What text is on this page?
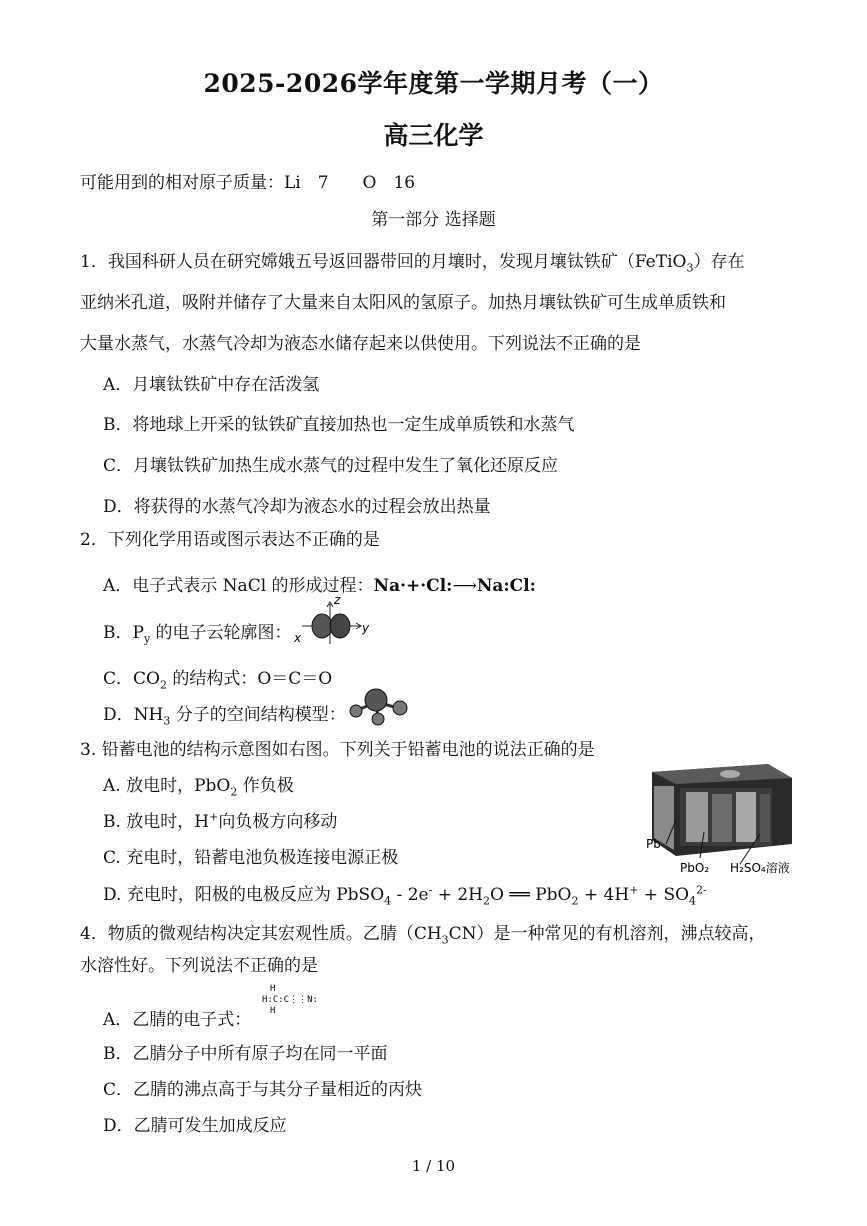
2025-2026学年度第一学期月考（一）
高三化学
可能用到的相对原子质量：Li　7　　O　16
第一部分 选择题
1．我国科研人员在研究嫦娥五号返回器带回的月壤时，发现月壤钛铁矿（FeTiO$_3$）存在
亚纳米孔道，吸附并储存了大量来自太阳风的氢原子。加热月壤钛铁矿可生成单质铁和
大量水蒸气，水蒸气冷却为液态水储存起来以供使用。下列说法不正确的是
A．月壤钛铁矿中存在活泼氢
B．将地球上开采的钛铁矿直接加热也一定生成单质铁和水蒸气
C．月壤钛铁矿加热生成水蒸气的过程中发生了氧化还原反应
D．将获得的水蒸气冷却为液态水的过程会放出热量
2．下列化学用语或图示表达不正确的是
A．电子式表示 NaCl 的形成过程：Na·+·Cl:⟶Na:Cl:
B．$P_y$ 的电子云轮廓图：
z
x
y
C．$CO_2$ 的结构式：O＝C＝O
D．$NH_3$ 分子的空间结构模型：
3. 铅蓄电池的结构示意图如右图。下列关于铅蓄电池的说法正确的是
A. 放电时，PbO$_2$ 作负极
B. 放电时，H+向负极方向移动
C. 充电时，铅蓄电池负极连接电源正极
D. 充电时，阳极的电极反应为 PbSO$_4$ - $2e^- + 2H_2O$ ══ $PbO_2 + 4H^+ + SO_4^{2-}$
Pb
PbO₂ H₂SO₄溶液
4．物质的微观结构决定其宏观性质。乙腈$(CH_3CN)$是一种常见的有机溶剂，沸点较高，
水溶性好。下列说法不正确的是
A．乙腈的电子式：
H
H:C:C⋮⋮N:
H
B．乙腈分子中所有原子均在同一平面
C．乙腈的沸点高于与其分子量相近的丙炔
D．乙腈可发生加成反应
1 / 10
